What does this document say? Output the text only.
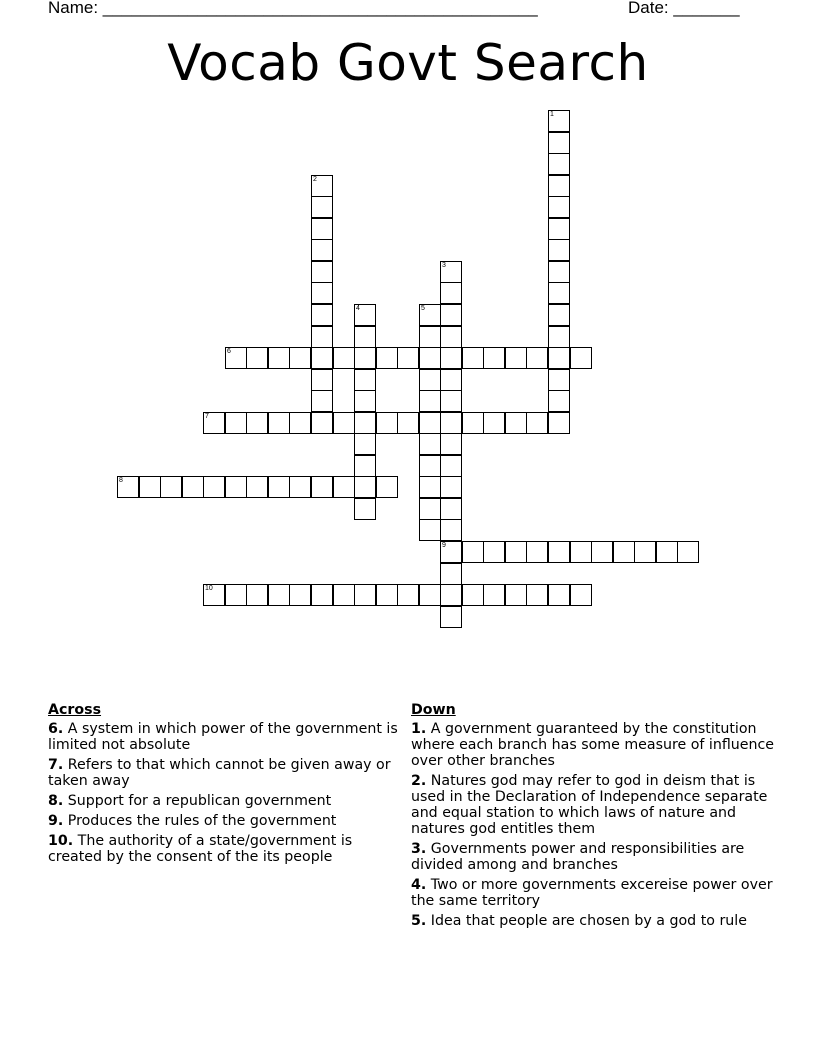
Name: ______________________________________________	Date: _______
Vocab Govt Search
1
2
3
9
4	5
6
7
8
10
Across
6. A system in which power of the government is limited not absolute
7. Refers to that which cannot be given away or taken away
8. Support for a republican government
9. Produces the rules of the government
10. The authority of a state/government is created by the consent of the its people
Down
1. A government guaranteed by the constitution where each branch has some measure of influence over other branches
2. Natures god may refer to god in deism that is used in the Declaration of Independence separate and equal station to which laws of nature and natures god entitles them
3. Governments power and responsibilities are divided among and branches
4. Two or more governments excereise power over the same territory
5. Idea that people are chosen by a god to rule
